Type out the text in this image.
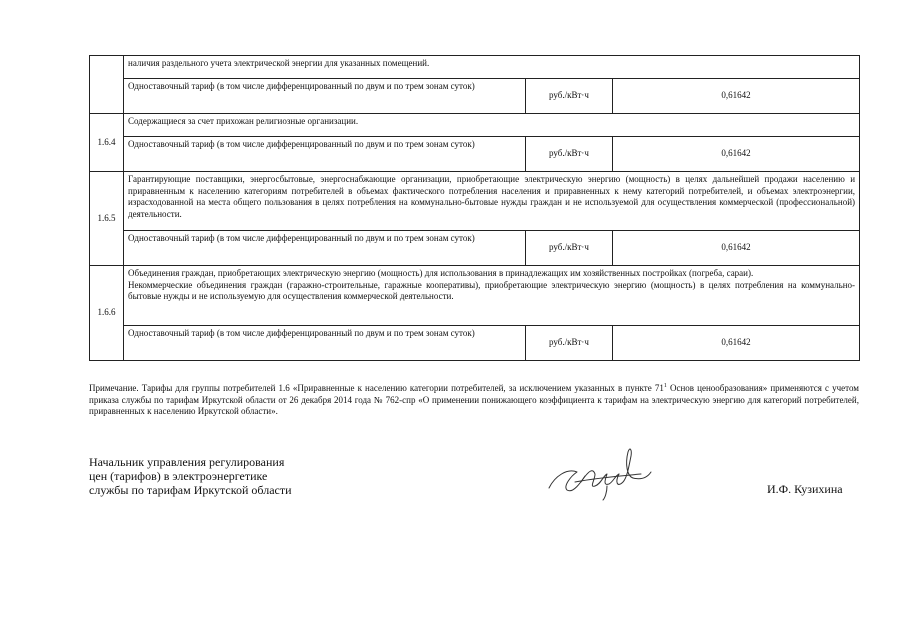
	наличия раздельного учета электрической энергии для указанных помещений.		
	Одноставочный тариф (в том числе дифференцированный по двум и по трем зонам суток)	руб./кВт·ч	0,61642
1.6.4	Содержащиеся за счет прихожан религиозные организации.		
	Одноставочный тариф (в том числе дифференцированный по двум и по трем зонам суток)	руб./кВт·ч	0,61642
1.6.5	Гарантирующие поставщики, энергосбытовые, энергоснабжающие организации, приобретающие электрическую энергию (мощность) в целях дальнейшей продажи населению и приравненным к населению категориям потребителей в объемах фактического потребления населения и приравненных к нему категорий потребителей, и объемах электроэнергии, израсходованной на места общего пользования в целях потребления на коммунально-бытовые нужды граждан и не используемой для осуществления коммерческой (профессиональной) деятельности.		
	Одноставочный тариф (в том числе дифференцированный по двум и по трем зонам суток)	руб./кВт·ч	0,61642
1.6.6	Объединения граждан, приобретающих электрическую энергию (мощность) для использования в принадлежащих им хозяйственных постройках (погреба, сараи).
Некоммерческие объединения граждан (гаражно-строительные, гаражные кооперативы), приобретающие электрическую энергию (мощность) в целях потребления на коммунально-бытовые нужды и не используемую для осуществления коммерческой деятельности.		

	Одноставочный тариф (в том числе дифференцированный по двум и по трем зонам суток)	руб./кВт·ч	0,61642
Примечание. Тарифы для группы потребителей 1.6 «Приравненные к населению категории потребителей, за исключением указанных в пункте $71^1$ Основ ценообразования» применяются с учетом приказа службы по тарифам Иркутской области от 26 декабря 2014 года № 762-спр «О применении понижающего коэффициента к тарифам на электрическую энергию для категорий потребителей, приравненных к населению Иркутской области».
Начальник управления регулирования
цен (тарифов) в электроэнергетике
службы по тарифам Иркутской области	И.Ф. Кузихина
